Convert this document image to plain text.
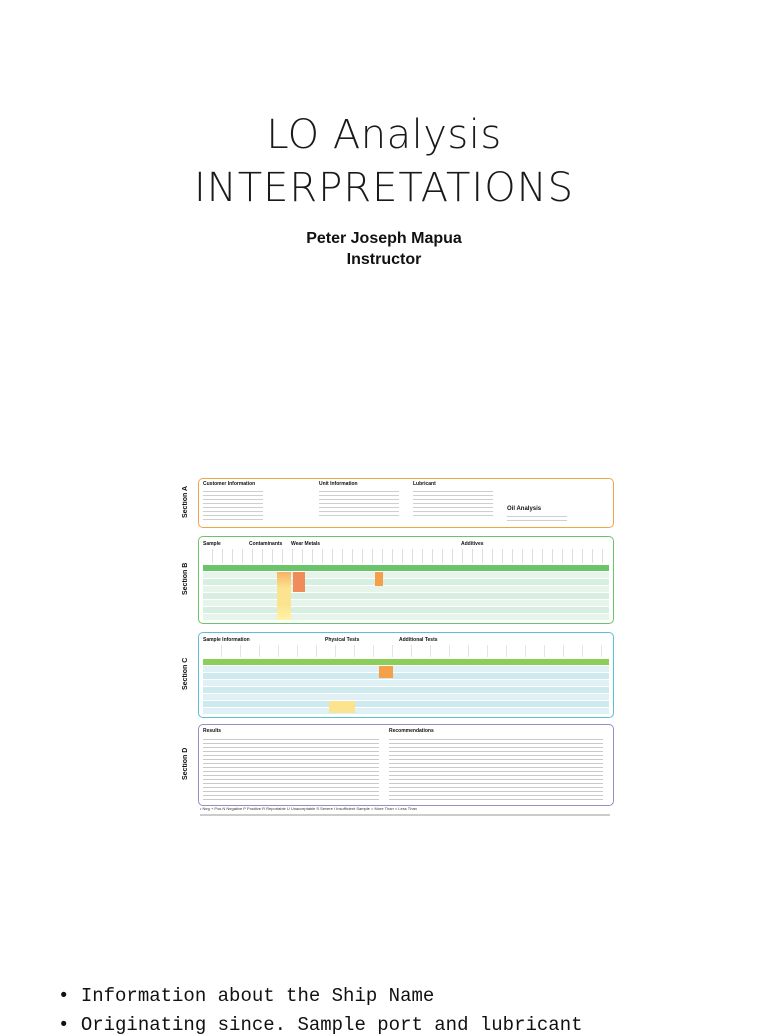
LO Analysis
INTERPRETATIONS
Peter Joseph Mapua
Instructor
Section A
Section B
Section C
Section D
Customer Information	Unit Information	Lubricant
Oil Analysis
Sample	Contaminants Wear Metals	Additives
Sample Information	Physical Tests	Additional Tests
Results	Recommendations
• Neg + Pos N Negative P Positive R Reportable U Unacceptable S Severe I Insufficient Sample > More Than < Less Than
• Information about the Ship Name
• Originating since. Sample port and lubricant
